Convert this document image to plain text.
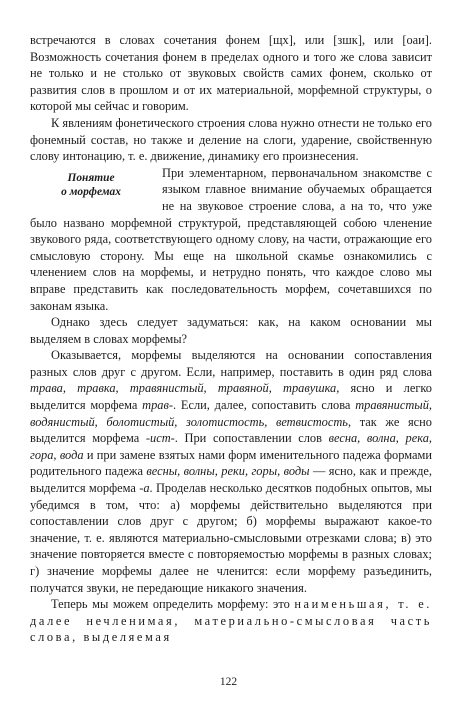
встречаются в словах сочетания фонем [щх], или [зшк], или [оаи]. Возможность сочетания фонем в пределах одного и того же слова зависит не только и не столько от звуковых свойств самих фонем, сколько от развития слов в прошлом и от их материальной, морфемной структуры, о которой мы сейчас и говорим.

К явлениям фонетического строения слова нужно отнести не только его фонемный состав, но также и деление на слоги, ударение, свойственную слову интонацию, т. е. движение, динамику его произнесения.

Понятие
о морфемах

При элементарном, первоначальном знакомстве с языком главное внимание обучаемых обращается не на звуковое строение слова, а на то, что уже было названо морфемной структурой, представляющей собою членение звукового ряда, соответствующего одному слову, на части, отражающие его смысловую сторону. Мы еще на школьной скамье ознакомились с членением слов на морфемы, и нетрудно понять, что каждое слово мы вправе представить как последовательность морфем, сочетавшихся по законам языка.

Однако здесь следует задуматься: как, на каком основании мы выделяем в словах морфемы?

Оказывается, морфемы выделяются на основании сопоставления разных слов друг с другом. Если, например, поставить в один ряд слова трава, травка, травянистый, травяной, травушка, ясно и легко выделится морфема трав-. Если, далее, сопоставить слова травянистый, водянистый, болотистый, золотистость, ветвистость, так же ясно выделится морфема -ист-. При сопоставлении слов весна, волна, река, гора, вода и при замене взятых нами форм именительного падежа формами родительного падежа весны, волны, реки, горы, воды — ясно, как и прежде, выделится морфема -а. Проделав несколько десятков подобных опытов, мы убедимся в том, что: а) морфемы действительно выделяются при сопоставлении слов друг с другом; б) морфемы выражают какое-то значение, т. е. являются материально-смысловыми отрезками слова; в) это значение повторяется вместе с повторяемостью морфемы в разных словах; г) значение морфемы далее не членится: если морфему разъединить, получатся звуки, не передающие никакого значения.

Теперь мы можем определить морфему: это наименьшая, т. е. далее нечленимая, материально-смысловая часть слова, выделяемая

122
